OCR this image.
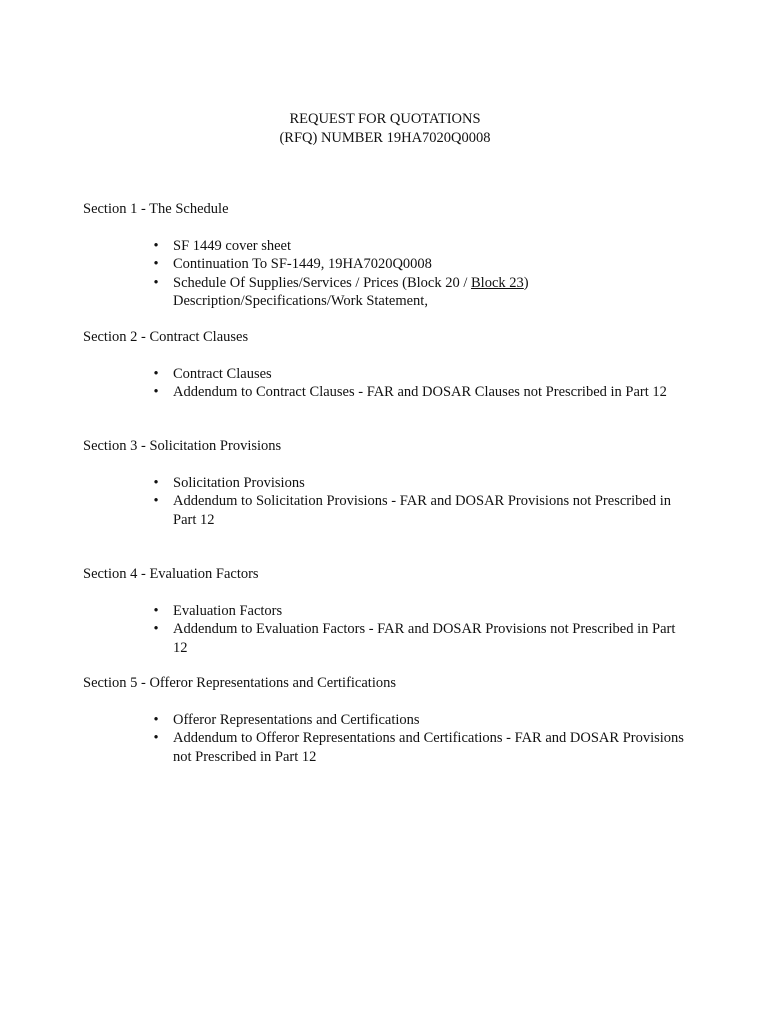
REQUEST FOR QUOTATIONS
(RFQ) NUMBER 19HA7020Q0008
Section 1 - The Schedule
• SF 1449 cover sheet
• Continuation To SF-1449, 19HA7020Q0008
• Schedule Of Supplies/Services / Prices (Block 20 / Block 23) Description/Specifications/Work Statement,
Section 2 - Contract Clauses
• Contract Clauses
• Addendum to Contract Clauses - FAR and DOSAR Clauses not Prescribed in Part 12
Section 3 - Solicitation Provisions
• Solicitation Provisions
• Addendum to Solicitation Provisions - FAR and DOSAR Provisions not Prescribed in Part 12
Section 4 - Evaluation Factors
• Evaluation Factors
• Addendum to Evaluation Factors - FAR and DOSAR Provisions not Prescribed in Part 12
Section 5 - Offeror Representations and Certifications
• Offeror Representations and Certifications
• Addendum to Offeror Representations and Certifications - FAR and DOSAR Provisions not Prescribed in Part 12
